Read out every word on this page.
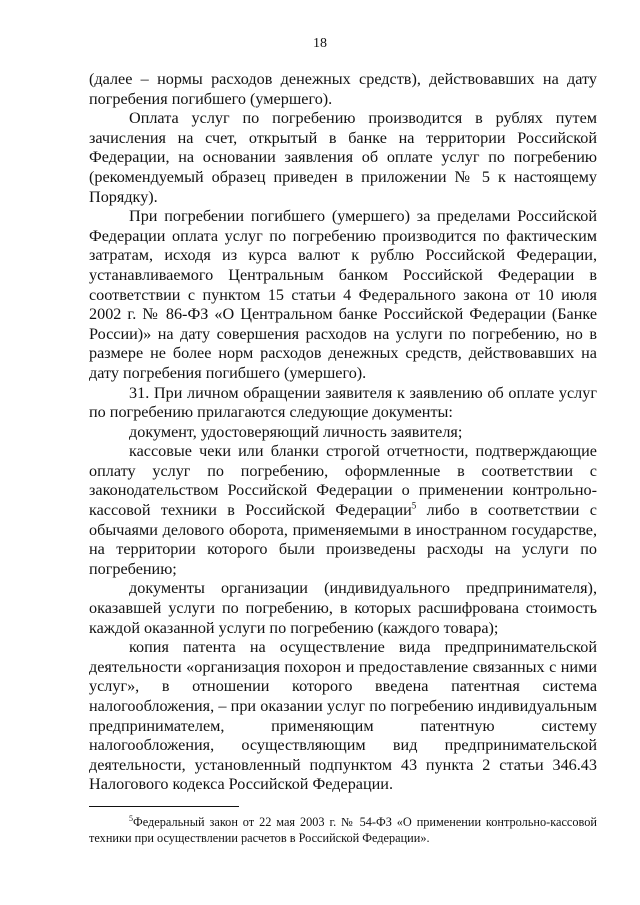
18

(далее – нормы расходов денежных средств), действовавших на дату погребения погибшего (умершего).

Оплата услуг по погребению производится в рублях путем зачисления на счет, открытый в банке на территории Российской Федерации, на основании заявления об оплате услуг по погребению (рекомендуемый образец приведен в приложении № 5 к настоящему Порядку).

При погребении погибшего (умершего) за пределами Российской Федерации оплата услуг по погребению производится по фактическим затратам, исходя из курса валют к рублю Российской Федерации, устанавливаемого Центральным банком Российской Федерации в соответствии с пунктом 15 статьи 4 Федерального закона от 10 июля 2002 г. № 86-ФЗ «О Центральном банке Российской Федерации (Банке России)» на дату совершения расходов на услуги по погребению, но в размере не более норм расходов денежных средств, действовавших на дату погребения погибшего (умершего).

31. При личном обращении заявителя к заявлению об оплате услуг по погребению прилагаются следующие документы:

документ, удостоверяющий личность заявителя;

кассовые чеки или бланки строгой отчетности, подтверждающие оплату услуг по погребению, оформленные в соответствии с законодательством Российской Федерации о применении контрольно-кассовой техники в Российской Федерации$^5$ либо в соответствии с обычаями делового оборота, применяемыми в иностранном государстве, на территории которого были произведены расходы на услуги по погребению;

документы организации (индивидуального предпринимателя), оказавшей услуги по погребению, в которых расшифрована стоимость каждой оказанной услуги по погребению (каждого товара);

копия патента на осуществление вида предпринимательской деятельности «организация похорон и предоставление связанных с ними услуг», в отношении которого введена патентная система налогообложения, – при оказании услуг по погребению индивидуальным предпринимателем, применяющим патентную систему налогообложения, осуществляющим вид предпринимательской деятельности, установленный подпунктом 43 пункта 2 статьи 346.43 Налогового кодекса Российской Федерации.

$^5$Федеральный закон от 22 мая 2003 г. № 54-ФЗ «О применении контрольно-кассовой техники при осуществлении расчетов в Российской Федерации».
